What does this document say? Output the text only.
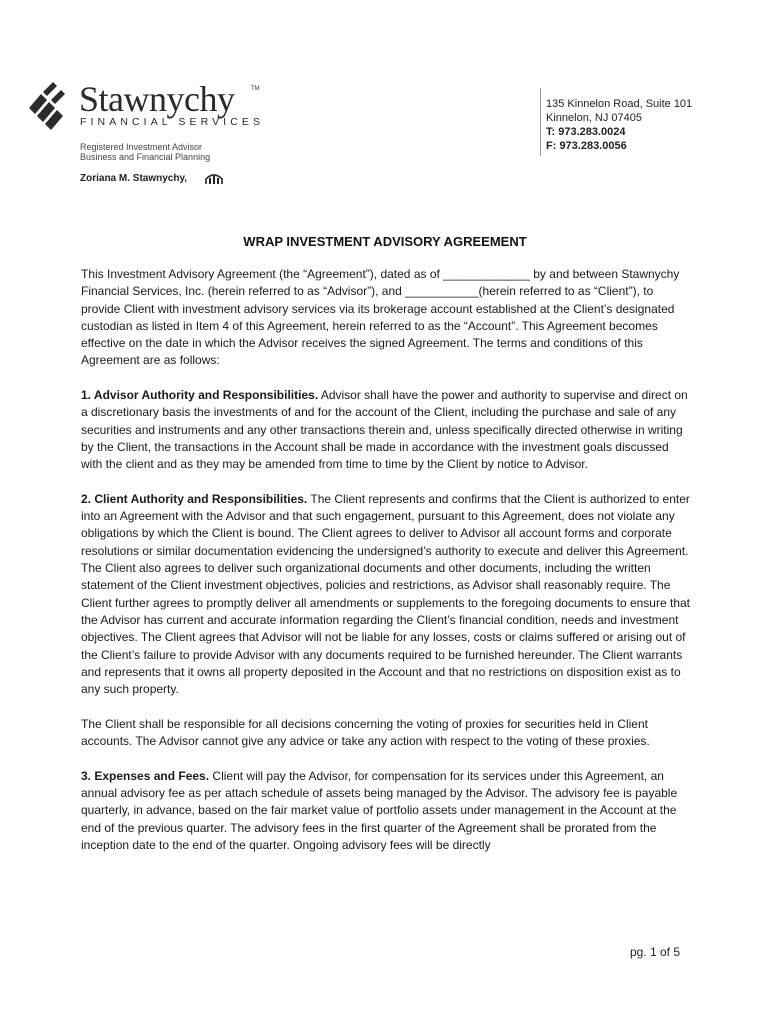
Stawnychy	TM
FINANCIAL SERVICES
Registered Investment Advisor
Business and Financial Planning
Zoriana M. Stawnychy,
135 Kinnelon Road, Suite 101
Kinnelon, NJ 07405
T: 973.283.0024
F: 973.283.0056
WRAP INVESTMENT ADVISORY AGREEMENT

This Investment Advisory Agreement (the “Agreement”), dated as of _____________ by and between Stawnychy Financial Services, Inc. (herein referred to as “Advisor”), and ___________(herein referred to as “Client”), to provide Client with investment advisory services via its brokerage account established at the Client’s designated custodian as listed in Item 4 of this Agreement, herein referred to as the “Account”. This Agreement becomes effective on the date in which the Advisor receives the signed Agreement. The terms and conditions of this Agreement are as follows:

1. Advisor Authority and Responsibilities. Advisor shall have the power and authority to supervise and direct on a discretionary basis the investments of and for the account of the Client, including the purchase and sale of any securities and instruments and any other transactions therein and, unless specifically directed otherwise in writing by the Client, the transactions in the Account shall be made in accordance with the investment goals discussed with the client and as they may be amended from time to time by the Client by notice to Advisor.

2. Client Authority and Responsibilities. The Client represents and confirms that the Client is authorized to enter into an Agreement with the Advisor and that such engagement, pursuant to this Agreement, does not violate any obligations by which the Client is bound. The Client agrees to deliver to Advisor all account forms and corporate resolutions or similar documentation evidencing the undersigned’s authority to execute and deliver this Agreement. The Client also agrees to deliver such organizational documents and other documents, including the written statement of the Client investment objectives, policies and restrictions, as Advisor shall reasonably require. The Client further agrees to promptly deliver all amendments or supplements to the foregoing documents to ensure that the Advisor has current and accurate information regarding the Client’s financial condition, needs and investment objectives. The Client agrees that Advisor will not be liable for any losses, costs or claims suffered or arising out of the Client’s failure to provide Advisor with any documents required to be furnished hereunder. The Client warrants and represents that it owns all property deposited in the Account and that no restrictions on disposition exist as to any such property.

The Client shall be responsible for all decisions concerning the voting of proxies for securities held in Client accounts. The Advisor cannot give any advice or take any action with respect to the voting of these proxies.

3. Expenses and Fees. Client will pay the Advisor, for compensation for its services under this Agreement, an annual advisory fee as per attach schedule of assets being managed by the Advisor. The advisory fee is payable quarterly, in advance, based on the fair market value of portfolio assets under management in the Account at the end of the previous quarter. The advisory fees in the first quarter of the Agreement shall be prorated from the inception date to the end of the quarter. Ongoing advisory fees will be directly

pg. 1 of 5
